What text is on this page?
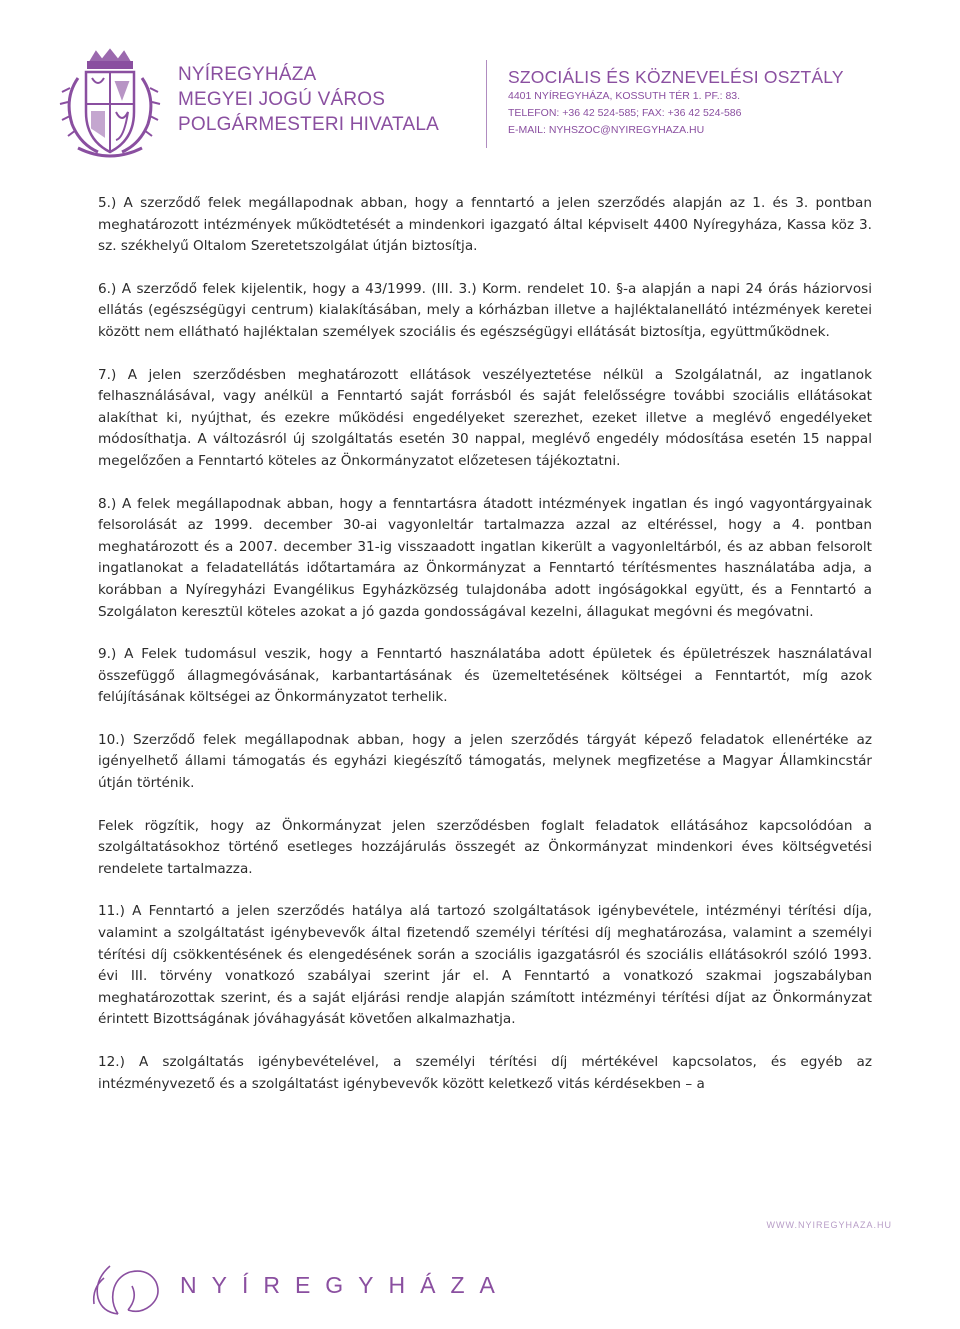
NYÍREGYHÁZA
MEGYEI JOGÚ VÁROS
POLGÁRMESTERI HIVATALA
SZOCIÁLIS ÉS KÖZNEVELÉSI OSZTÁLY
4401 NYÍREGYHÁZA, KOSSUTH TÉR 1. PF.: 83.
TELEFON: +36 42 524-585; FAX: +36 42 524-586
E-MAIL: NYHSZOC@NYIREGYHAZA.HU

5.) A szerződő felek megállapodnak abban, hogy a fenntartó a jelen szerződés alapján az 1. és 3. pontban meghatározott intézmények működtetését a mindenkori igazgató által képviselt 4400 Nyíregyháza, Kassa köz 3. sz. székhelyű Oltalom Szeretetszolgálat útján biztosítja.

6.) A szerződő felek kijelentik, hogy a 43/1999. (III. 3.) Korm. rendelet 10. §-a alapján a napi 24 órás háziorvosi ellátás (egészségügyi centrum) kialakításában, mely a kórházban illetve a hajléktalanellátó intézmények keretei között nem ellátható hajléktalan személyek szociális és egészségügyi ellátását biztosítja, együttműködnek.

7.) A jelen szerződésben meghatározott ellátások veszélyeztetése nélkül a Szolgálatnál, az ingatlanok felhasználásával, vagy anélkül a Fenntartó saját forrásból és saját felelősségre további szociális ellátásokat alakíthat ki, nyújthat, és ezekre működési engedélyeket szerezhet, ezeket illetve a meglévő engedélyeket módosíthatja. A változásról új szolgáltatás esetén 30 nappal, meglévő engedély módosítása esetén 15 nappal megelőzően a Fenntartó köteles az Önkormányzatot előzetesen tájékoztatni.

8.) A felek megállapodnak abban, hogy a fenntartásra átadott intézmények ingatlan és ingó vagyontárgyainak felsorolását az 1999. december 30-ai vagyonleltár tartalmazza azzal az eltéréssel, hogy a 4. pontban meghatározott és a 2007. december 31-ig visszaadott ingatlan kikerült a vagyonleltárból, és az abban felsorolt ingatlanokat a feladatellátás időtartamára az Önkormányzat a Fenntartó térítésmentes használatába adja, a korábban a Nyíregyházi Evangélikus Egyházközség tulajdonába adott ingóságokkal együtt, és a Fenntartó a Szolgálaton keresztül köteles azokat a jó gazda gondosságával kezelni, állagukat megóvni és megóvatni.

9.) A Felek tudomásul veszik, hogy a Fenntartó használatába adott épületek és épületrészek használatával összefüggő állagmegóvásának, karbantartásának és üzemeltetésének költségei a Fenntartót, míg azok felújításának költségei az Önkormányzatot terhelik.

10.) Szerződő felek megállapodnak abban, hogy a jelen szerződés tárgyát képező feladatok ellenértéke az igényelhető állami támogatás és egyházi kiegészítő támogatás, melynek megfizetése a Magyar Államkincstár útján történik.

Felek rögzítik, hogy az Önkormányzat jelen szerződésben foglalt feladatok ellátásához kapcsolódóan a szolgáltatásokhoz történő esetleges hozzájárulás összegét az Önkormányzat mindenkori éves költségvetési rendelete tartalmazza.

11.) A Fenntartó a jelen szerződés hatálya alá tartozó szolgáltatások igénybevétele, intézményi térítési díja, valamint a szolgáltatást igénybevevők által fizetendő személyi térítési díj meghatározása, valamint a személyi térítési díj csökkentésének és elengedésének során a szociális igazgatásról és szociális ellátásokról szóló 1993. évi III. törvény vonatkozó szabályai szerint jár el. A Fenntartó a vonatkozó szakmai jogszabályban meghatározottak szerint, és a saját eljárási rendje alapján számított intézményi térítési díjat az Önkormányzat érintett Bizottságának jóváhagyását követően alkalmazhatja.

12.) A szolgáltatás igénybevételével, a személyi térítési díj mértékével kapcsolatos, és egyéb az intézményvezető és a szolgáltatást igénybevevők között keletkező vitás kérdésekben – a

WWW.NYIREGYHAZA.HU
NYÍREGYHÁZA
